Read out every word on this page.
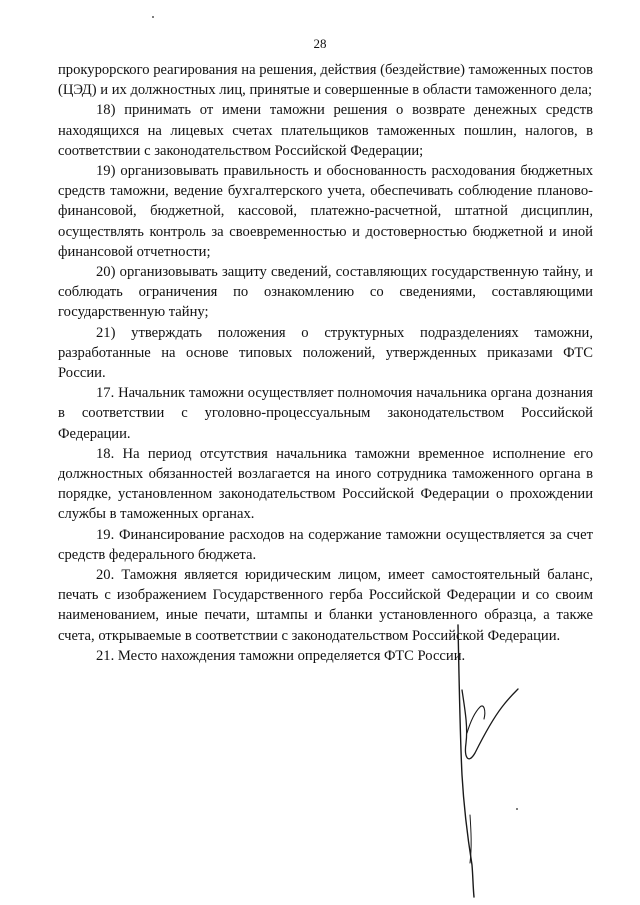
28

прокурорского реагирования на решения, действия (бездействие) таможенных постов (ЦЭД) и их должностных лиц, принятые и совершенные в области таможенного дела;

18) принимать от имени таможни решения о возврате денежных средств находящихся на лицевых счетах плательщиков таможенных пошлин, налогов, в соответствии с законодательством Российской Федерации;

19) организовывать правильность и обоснованность расходования бюджетных средств таможни, ведение бухгалтерского учета, обеспечивать соблюдение планово-финансовой, бюджетной, кассовой, платежно-расчетной, штатной дисциплин, осуществлять контроль за своевременностью и достоверностью бюджетной и иной финансовой отчетности;

20) организовывать защиту сведений, составляющих государственную тайну, и соблюдать ограничения по ознакомлению со сведениями, составляющими государственную тайну;

21) утверждать положения о структурных подразделениях таможни, разработанные на основе типовых положений, утвержденных приказами ФТС России.

17. Начальник таможни осуществляет полномочия начальника органа дознания в соответствии с уголовно-процессуальным законодательством Российской Федерации.

18. На период отсутствия начальника таможни временное исполнение его должностных обязанностей возлагается на иного сотрудника таможенного органа в порядке, установленном законодательством Российской Федерации о прохождении службы в таможенных органах.

19. Финансирование расходов на содержание таможни осуществляется за счет средств федерального бюджета.

20. Таможня является юридическим лицом, имеет самостоятельный баланс, печать с изображением Государственного герба Российской Федерации и со своим наименованием, иные печати, штампы и бланки установленного образца, а также счета, открываемые в соответствии с законодательством Российской Федерации.

21. Место нахождения таможни определяется ФТС России.
